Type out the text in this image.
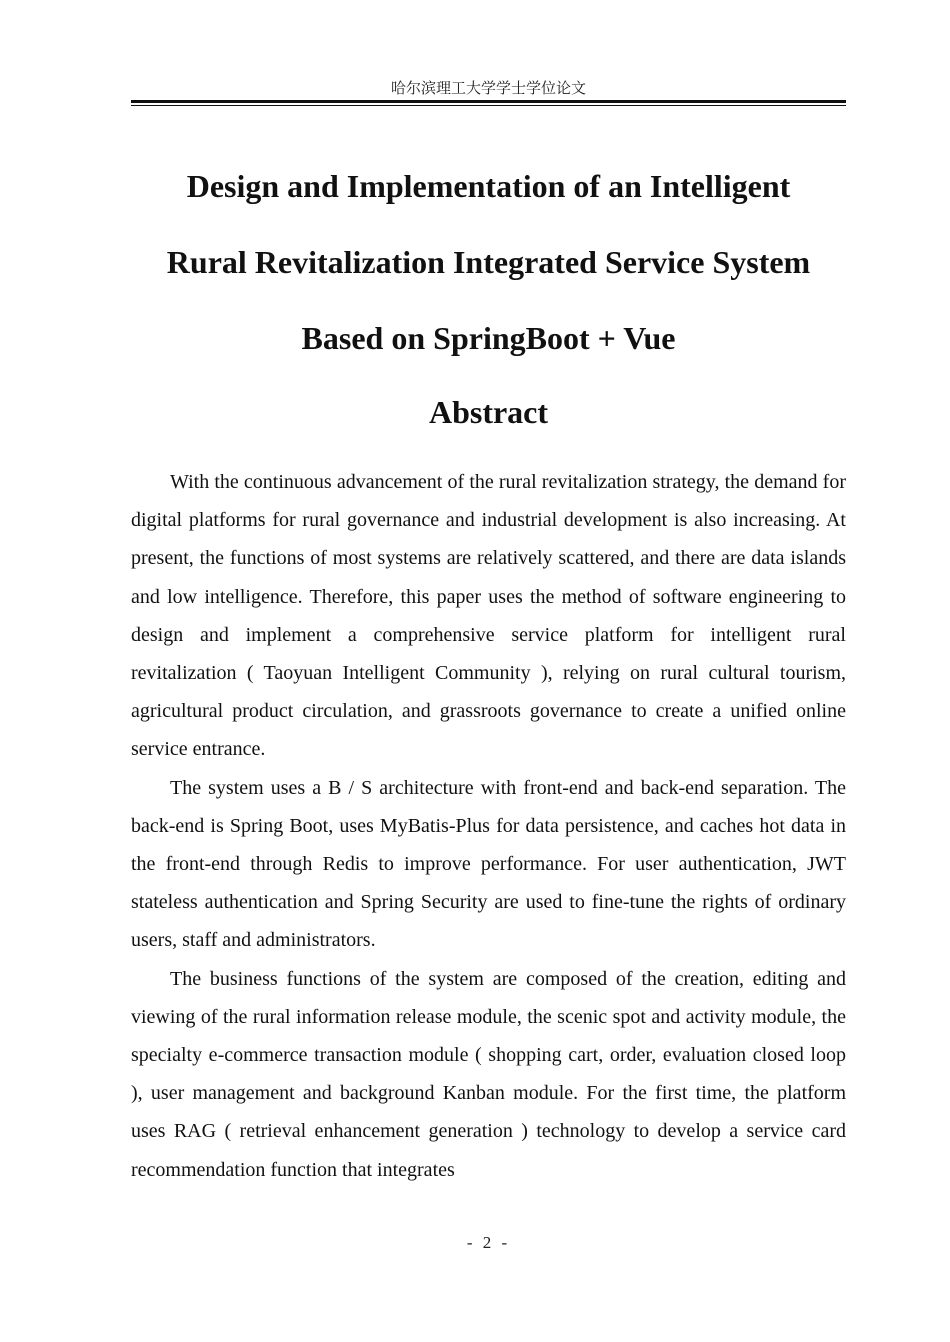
哈尔滨理工大学学士学位论文
Design and Implementation of an Intelligent
Rural Revitalization Integrated Service System
Based on SpringBoot + Vue
Abstract

With the continuous advancement of the rural revitalization strategy, the demand for digital platforms for rural governance and industrial development is also increasing. At present, the functions of most systems are relatively scattered, and there are data islands and low intelligence. Therefore, this paper uses the method of software engineering to design and implement a comprehensive service platform for intelligent rural revitalization ( Taoyuan Intelligent Community ), relying on rural cultural tourism, agricultural product circulation, and grassroots governance to create a unified online service entrance.

The system uses a B / S architecture with front-end and back-end separation. The back-end is Spring Boot, uses MyBatis-Plus for data persistence, and caches hot data in the front-end through Redis to improve performance. For user authentication, JWT stateless authentication and Spring Security are used to fine-tune the rights of ordinary users, staff and administrators.

The business functions of the system are composed of the creation, editing and viewing of the rural information release module, the scenic spot and activity module, the specialty e-commerce transaction module ( shopping cart, order, evaluation closed loop ), user management and background Kanban module. For the first time, the platform uses RAG ( retrieval enhancement generation ) technology to develop a service card recommendation function that integrates

- 2 -
